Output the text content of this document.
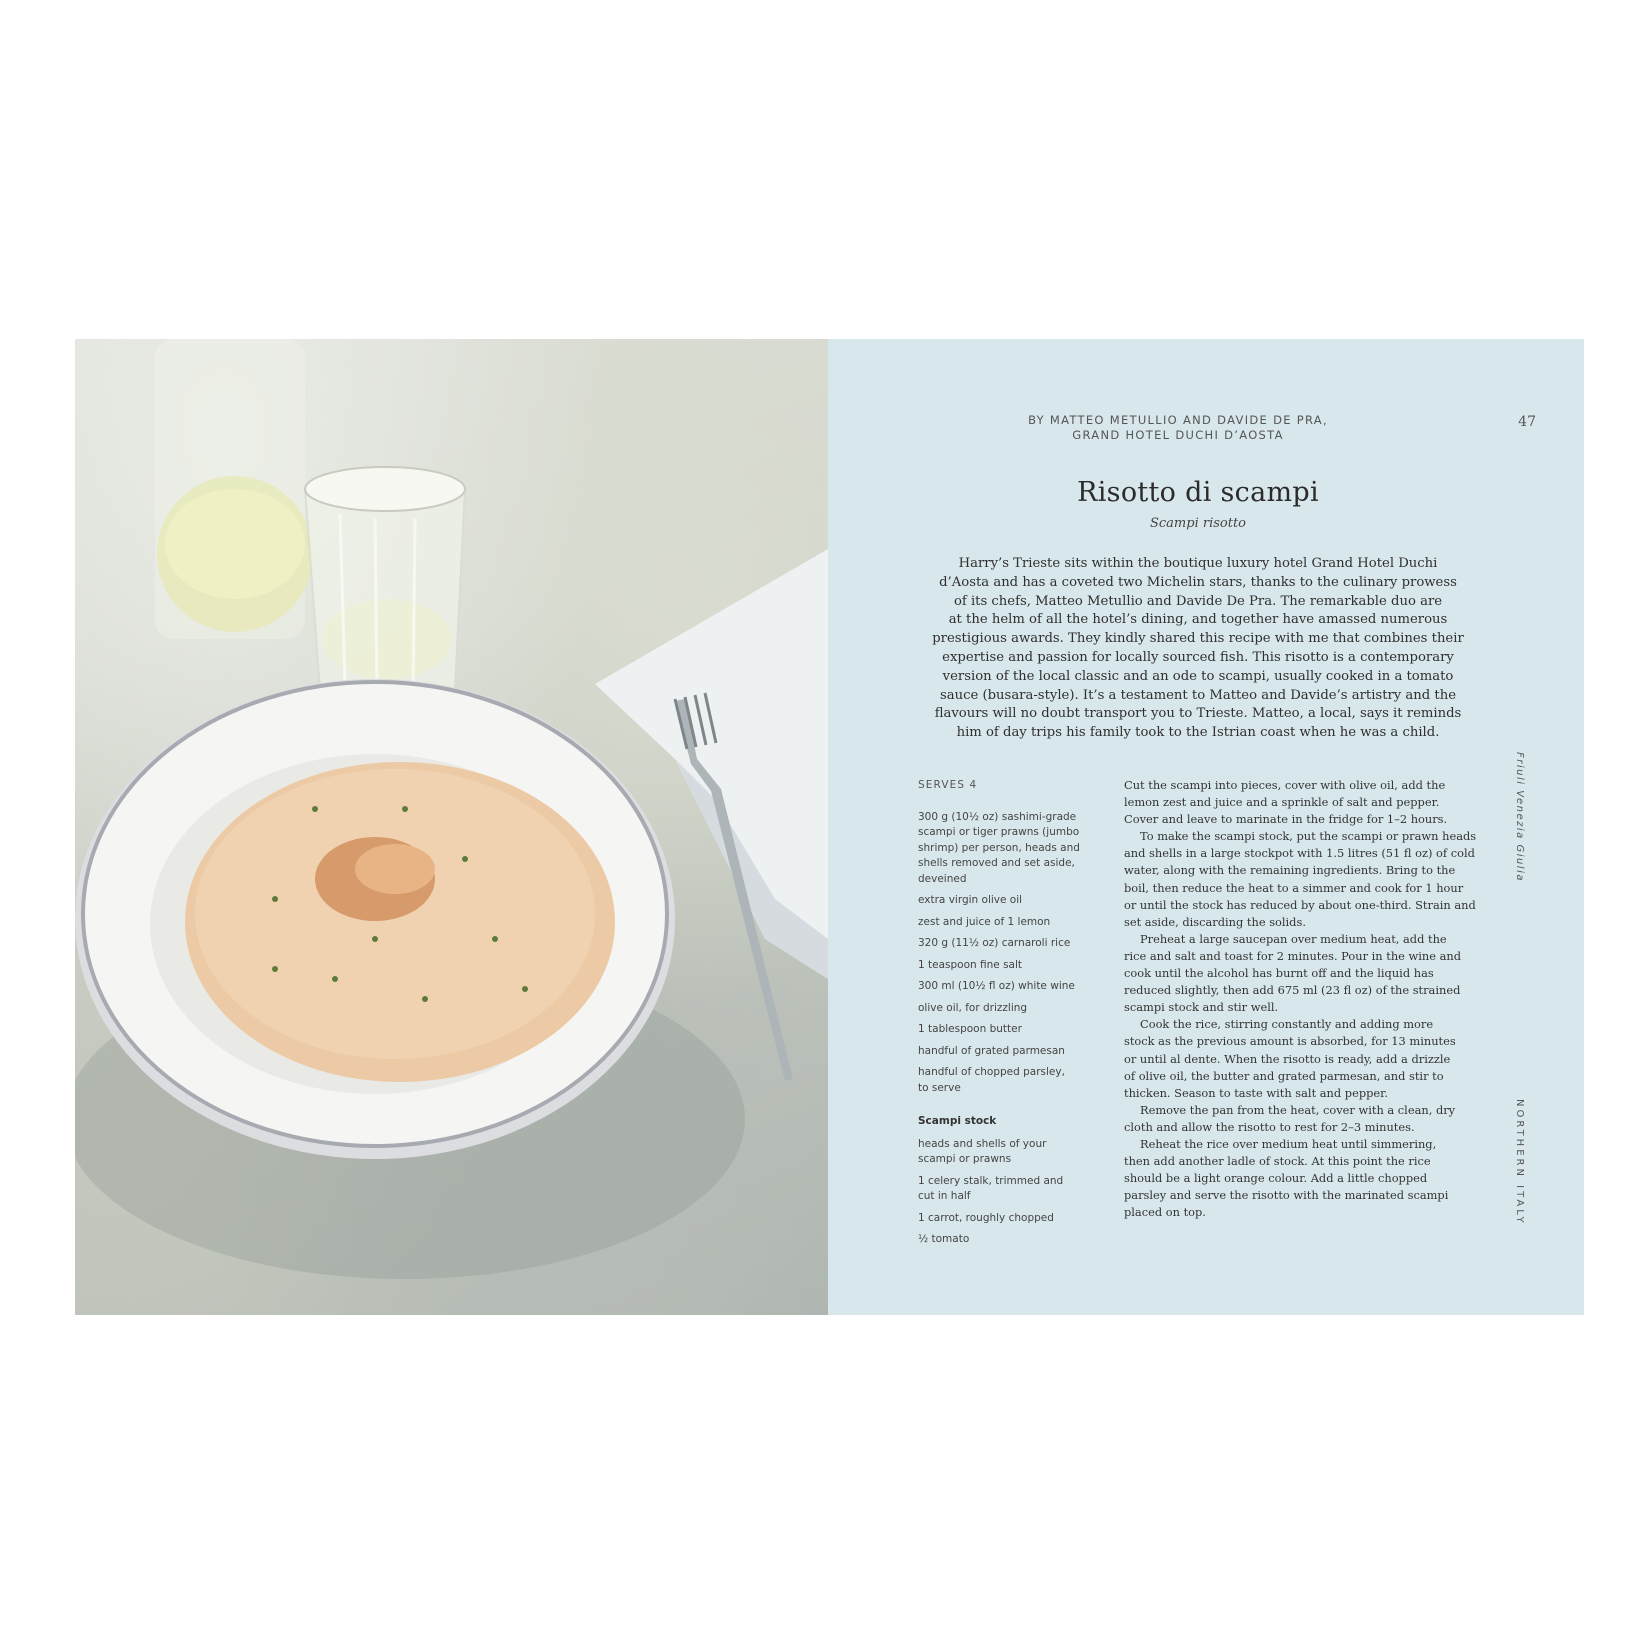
BY MATTEO METULLIO AND DAVIDE DE PRA,
GRAND HOTEL DUCHI D’AOSTA
47
Risotto di scampi
Scampi risotto
Harry’s Trieste sits within the boutique luxury hotel Grand Hotel Duchi
d’Aosta and has a coveted two Michelin stars, thanks to the culinary prowess
of its chefs, Matteo Metullio and Davide De Pra. The remarkable duo are
at the helm of all the hotel’s dining, and together have amassed numerous
prestigious awards. They kindly shared this recipe with me that combines their
expertise and passion for locally sourced fish. This risotto is a contemporary
version of the local classic and an ode to scampi, usually cooked in a tomato
sauce (busara-style). It’s a testament to Matteo and Davide’s artistry and the
flavours will no doubt transport you to Trieste. Matteo, a local, says it reminds
him of day trips his family took to the Istrian coast when he was a child.
SERVES 4
300 g (10½ oz) sashimi-grade
scampi or tiger prawns (jumbo
shrimp) per person, heads and
shells removed and set aside,
deveined
extra virgin olive oil
zest and juice of 1 lemon
320 g (11½ oz) carnaroli rice
1 teaspoon fine salt
300 ml (10½ fl oz) white wine
olive oil, for drizzling
1 tablespoon butter
handful of grated parmesan
handful of chopped parsley,
to serve
Scampi stock
heads and shells of your
scampi or prawns
1 celery stalk, trimmed and
cut in half
1 carrot, roughly chopped
½ tomato
Cut the scampi into pieces, cover with olive oil, add the
lemon zest and juice and a sprinkle of salt and pepper.
Cover and leave to marinate in the fridge for 1–2 hours.
To make the scampi stock, put the scampi or prawn heads
and shells in a large stockpot with 1.5 litres (51 fl oz) of cold
water, along with the remaining ingredients. Bring to the
boil, then reduce the heat to a simmer and cook for 1 hour
or until the stock has reduced by about one-third. Strain and
set aside, discarding the solids.
Preheat a large saucepan over medium heat, add the
rice and salt and toast for 2 minutes. Pour in the wine and
cook until the alcohol has burnt off and the liquid has
reduced slightly, then add 675 ml (23 fl oz) of the strained
scampi stock and stir well.
Cook the rice, stirring constantly and adding more
stock as the previous amount is absorbed, for 13 minutes
or until al dente. When the risotto is ready, add a drizzle
of olive oil, the butter and grated parmesan, and stir to
thicken. Season to taste with salt and pepper.
Remove the pan from the heat, cover with a clean, dry
cloth and allow the risotto to rest for 2–3 minutes.
Reheat the rice over medium heat until simmering,
then add another ladle of stock. At this point the rice
should be a light orange colour. Add a little chopped
parsley and serve the risotto with the marinated scampi
placed on top.
Friuli Venezia Giulia
NORTHERN ITALY
